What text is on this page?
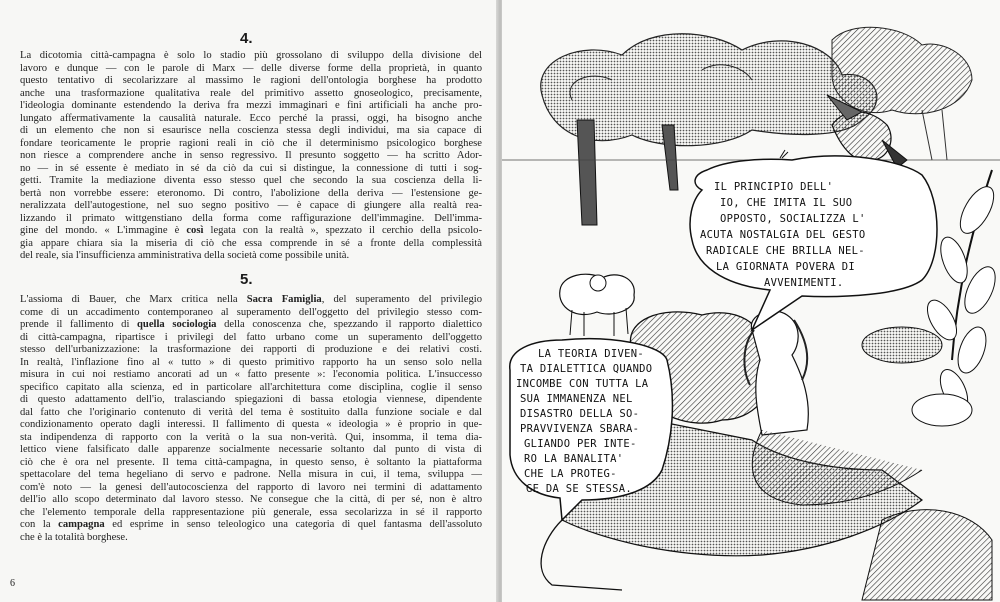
4.
La dicotomia città-campagna è solo lo stadio più grossolano di sviluppo della divisione del
lavoro e dunque — con le parole di Marx — delle diverse forme della proprietà, in quanto
questo tentativo di secolarizzare al massimo le ragioni dell'ontologia borghese ha prodotto
anche una trasformazione qualitativa reale del primitivo assetto gnoseologico, precisamente,
l'ideologia dominante estendendo la deriva fra mezzi immaginari e fini artificiali ha anche pro-
lungato affermativamente la causalità naturale. Ecco perché la prassi, oggi, ha bisogno anche
di un elemento che non si esaurisce nella coscienza stessa degli individui, ma sia capace di
fondare teoricamente le proprie ragioni reali in ciò che il determinismo psicologico borghese
non riesce a comprendere anche in senso regressivo. Il presunto soggetto — ha scritto Ador-
no — in sé essente è mediato in sé da ciò da cui si distingue, la connessione di tutti i sog-
getti. Tramite la mediazione diventa esso stesso quel che secondo la sua coscienza della li-
bertà non vorrebbe essere: eteronomo. Di contro, l'abolizione della deriva — l'estensione ge-
neralizzata dell'autogestione, nel suo segno positivo — è capace di giungere alla realtà rea-
lizzando il primato wittgenstiano della forma come raffigurazione dell'immagine. Dell'imma-
gine del mondo. « L'immagine è così legata con la realtà », spezzato il cerchio della psicolo-
gia appare chiara sia la miseria di ciò che essa comprende in sé a fronte della complessità
del reale, sia l'insufficienza amministrativa della società come possibile unità.
5.
L'assioma di Bauer, che Marx critica nella Sacra Famiglia, del superamento del privilegio
come di un accadimento contemporaneo al superamento dell'oggetto del privilegio stesso com-
prende il fallimento di quella sociologia della conoscenza che, spezzando il rapporto dialettico
di città-campagna, ripartisce i privilegi del fatto urbano come un superamento dell'oggetto
stesso dell'urbanizzazione: la trasformazione dei rapporti di produzione e dei relativi costi.
In realtà, l'inflazione fino al « tutto » di questo primitivo rapporto ha un senso solo nella
misura in cui noi restiamo ancorati ad un « fatto presente »: l'economia politica. L'insuccesso
specifico capitato alla scienza, ed in particolare all'architettura come disciplina, coglie il senso
di questo adattamento dell'io, tralasciando spiegazioni di bassa etologia viennese, dipendente
dal fatto che l'originario contenuto di verità del tema è sostituito dalla funzione sociale e dal
condizionamento operato dagli interessi. Il fallimento di questa « ideologia » è proprio in que-
sta indipendenza di rapporto con la verità o la sua non-verità. Qui, insomma, il tema dia-
lettico viene falsificato dalle apparenze socialmente necessarie soltanto dal punto di vista di
ciò che è ora nel presente. Il tema città-campagna, in questo senso, è soltanto la piattaforma
spettacolare del tema hegeliano di servo e padrone. Nella misura in cui, il tema, sviluppa —
com'è noto — la genesi dell'autocoscienza del rapporto di lavoro nei termini di adattamento
dell'io allo scopo determinato dal lavoro stesso. Ne consegue che la città, di per sé, non è altro
che l'elemento temporale della rappresentazione più generale, essa secolarizza in sé il rapporto
con la campagna ed esprime in senso teleologico una categoria di quel fantasma dell'assoluto
che è la totalità borghese.
6
IL PRINCIPIO DELL'
IO, CHE IMITA IL SUO
OPPOSTO, SOCIALIZZA L'
ACUTA NOSTALGIA DEL GESTO
RADICALE CHE BRILLA NEL-
LA GIORNATA POVERA DI
AVVENIMENTI.
LA TEORIA DIVEN-
TA DIALETTICA QUANDO
INCOMBE CON TUTTA LA
SUA IMMANENZA NEL
DISASTRO DELLA SO-
PRAVVIVENZA SBARA-
GLIANDO PER INTE-
RO LA BANALITA'
CHE LA PROTEG-
GE DA SE STESSA.
